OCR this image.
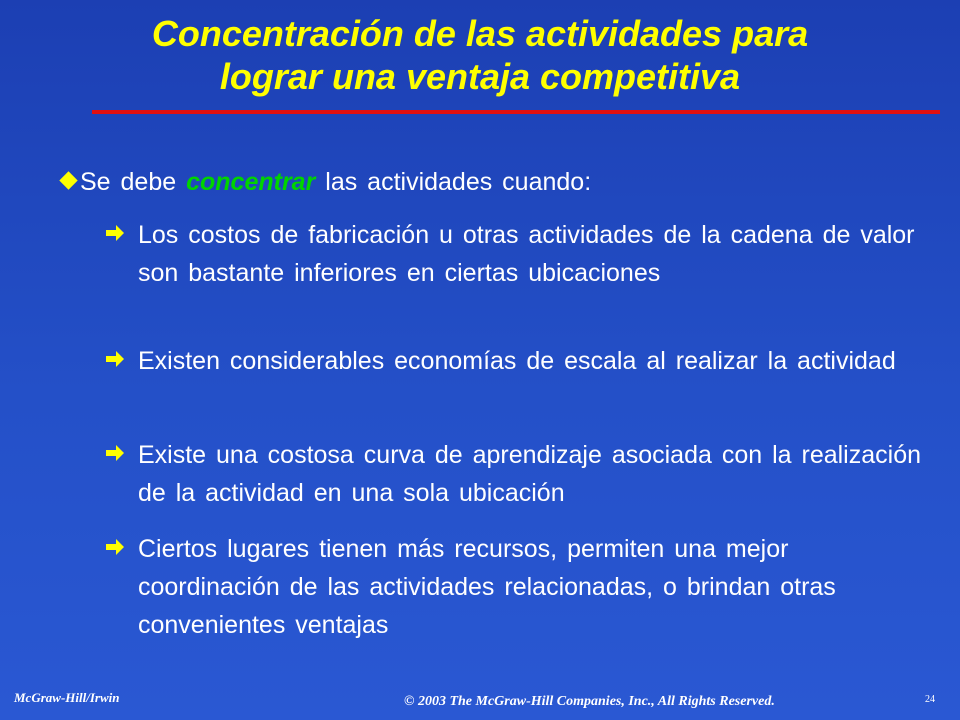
Concentración de las actividades para
lograr una ventaja competitiva
Se debe concentrar las actividades cuando:
Los costos de fabricación u otras actividades de la cadena de valor son bastante inferiores en ciertas ubicaciones
Existen considerables economías de escala al realizar la actividad
Existe una costosa curva de aprendizaje asociada con la realización de la actividad en una sola ubicación
Ciertos lugares tienen más recursos, permiten una mejor coordinación de las actividades relacionadas, o brindan otras convenientes ventajas
McGraw-Hill/Irwin	© 2003 The McGraw-Hill Companies, Inc., All Rights Reserved.	24
